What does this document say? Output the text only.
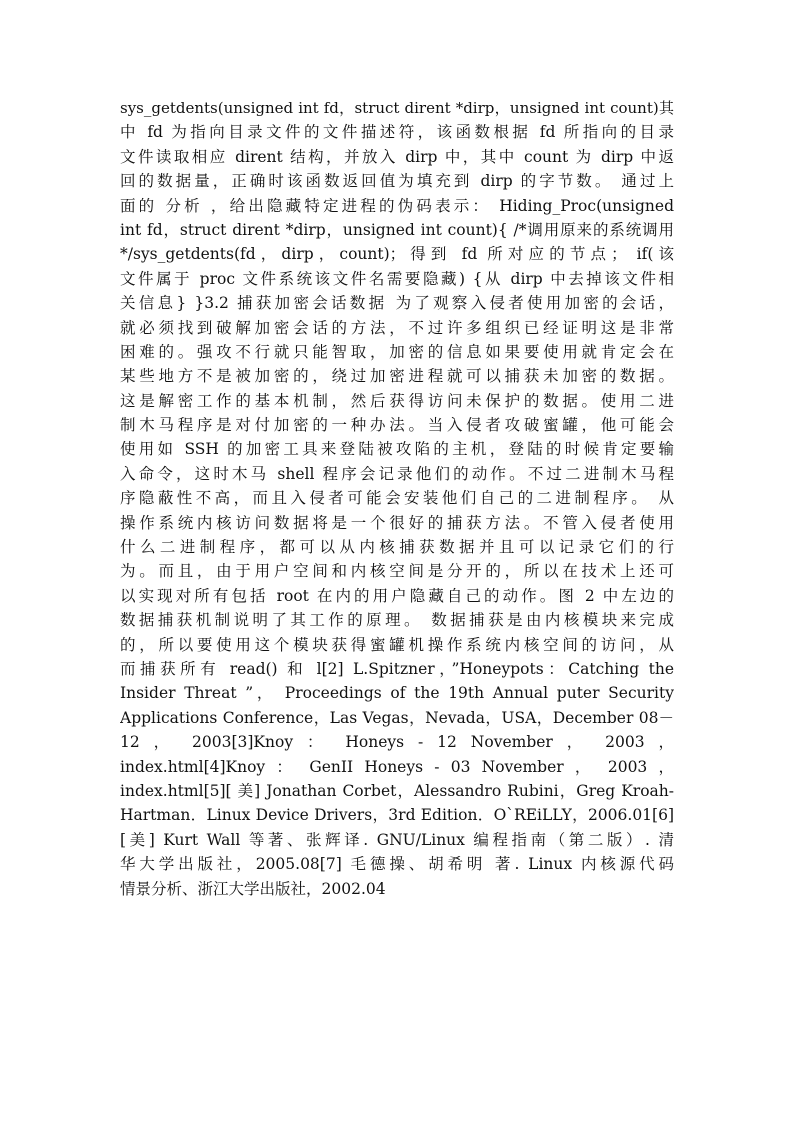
sys_getdents(unsigned int fd，struct dirent *dirp，unsigned int count)其
中 fd 为指向目录文件的文件描述符，该函数根据 fd 所指向的目录
文件读取相应 dirent 结构，并放入 dirp 中，其中 count 为 dirp 中返
回的数据量，正确时该函数返回值为填充到 dirp 的字节数。 通过上
面的 分析 ，给出隐藏特定进程的伪码表示： Hiding_Proc(unsigned
int fd，struct dirent *dirp，unsigned int count){ /*调用原来的系统调用
*/sys_getdents(fd，dirp，count)；得到 fd 所对应的节点； if(该
文件属于 proc 文件系统该文件名需要隐藏) {从 dirp 中去掉该文件相
关信息} }3.2 捕获加密会话数据 为了观察入侵者使用加密的会话，
就必须找到破解加密会话的方法，不过许多组织已经证明这是非常
困难的。强攻不行就只能智取，加密的信息如果要使用就肯定会在
某些地方不是被加密的，绕过加密进程就可以捕获未加密的数据。
这是解密工作的基本机制，然后获得访问未保护的数据。使用二进
制木马程序是对付加密的一种办法。当入侵者攻破蜜罐，他可能会
使用如 SSH 的加密工具来登陆被攻陷的主机，登陆的时候肯定要输
入命令，这时木马 shell 程序会记录他们的动作。不过二进制木马程
序隐蔽性不高，而且入侵者可能会安装他们自己的二进制程序。 从
操作系统内核访问数据将是一个很好的捕获方法。不管入侵者使用
什么二进制程序，都可以从内核捕获数据并且可以记录它们的行
为。而且，由于用户空间和内核空间是分开的，所以在技术上还可
以实现对所有包括 root 在内的用户隐藏自己的动作。图 2 中左边的
数据捕获机制说明了其工作的原理。 数据捕获是由内核模块来完成
的，所以要使用这个模块获得蜜罐机操作系统内核空间的访问，从
而捕获所有 read() 和 l[2] L.Spitzner，”Honeypots：Catching the
Insider Threat ”， Proceedings of the 19th Annual puter Security
Applications Conference，Las Vegas，Nevada，USA，December 08－
12 ， 2003[3]Knoy ： Honeys - 12 November ， 2003 ，
index.html[4]Knoy ： GenII Honeys - 03 November ， 2003 ，
index.html[5][ 美] Jonathan Corbet，Alessandro Rubini，Greg Kroah-
Hartman．Linux Device Drivers，3rd Edition．O`REiLLY，2006.01[6]
[美] Kurt Wall 等著、张辉译. GNU/Linux 编程指南（第二版）. 清
华大学出版社，2005.08[7] 毛德操、胡希明 著. Linux 内核源代码
情景分析、浙江大学出版社，2002.04
